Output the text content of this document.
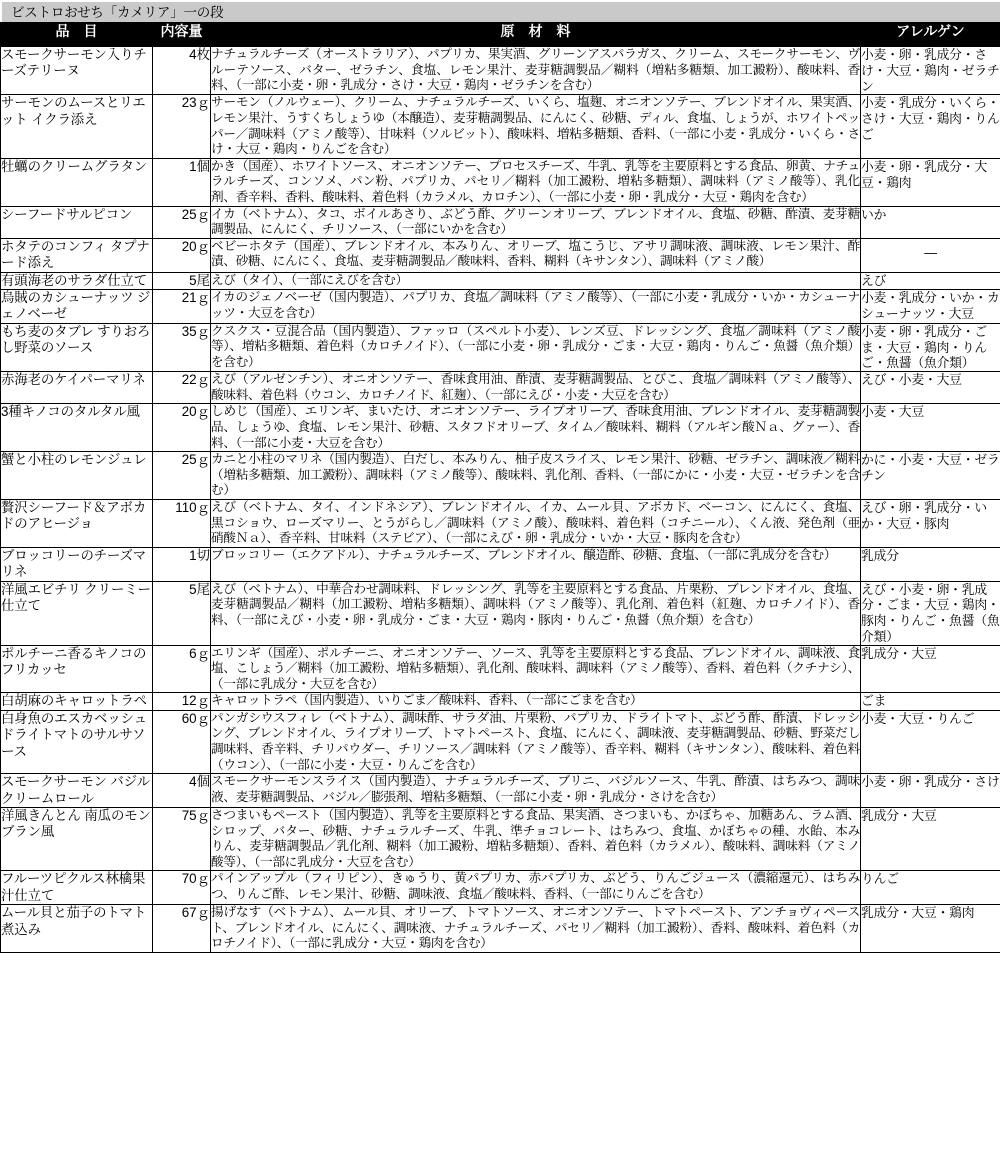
ビストロおせち「カメリア」一の段
品　目	内容量	原　材　料	アレルゲン
スモークサーモン入りチーズテリーヌ	4枚	ナチュラルチーズ（オーストラリア）、パプリカ、果実酒、グリーンアスパラガス、クリーム、スモークサーモン、ヴルーテソース、バター、ゼラチン、食塩、レモン果汁、麦芽糖調製品／糊料（増粘多糖類、加工澱粉）、酸味料、香料、（一部に小麦・卵・乳成分・さけ・大豆・鶏肉・ゼラチンを含む）	小麦・卵・乳成分・さけ・大豆・鶏肉・ゼラチン
サーモンのムースとリエット イクラ添え	23ｇ	サーモン（ノルウェー）、クリーム、ナチュラルチーズ、いくら、塩麹、オニオンソテー、ブレンドオイル、果実酒、レモン果汁、うすくちしょうゆ（本醸造）、麦芽糖調製品、にんにく、砂糖、ディル、食塩、しょうが、ホワイトペッパー／調味料（アミノ酸等）、甘味料（ソルビット）、酸味料、増粘多糖類、香料、（一部に小麦・乳成分・いくら・さけ・大豆・鶏肉・りんごを含む）	小麦・乳成分・いくら・さけ・大豆・鶏肉・りんご
牡蠣のクリームグラタン	1個	かき（国産）、ホワイトソース、オニオンソテー、プロセスチーズ、牛乳、乳等を主要原料とする食品、卵黄、ナチュラルチーズ、コンソメ、パン粉、パプリカ、パセリ／糊料（加工澱粉、増粘多糖類）、調味料（アミノ酸等）、乳化剤、香辛料、香料、酸味料、着色料（カラメル、カロチン）、（一部に小麦・卵・乳成分・大豆・鶏肉を含む）	小麦・卵・乳成分・大豆・鶏肉
シーフードサルピコン	25ｇ	イカ（ベトナム）、タコ、ボイルあさり、ぶどう酢、グリーンオリーブ、ブレンドオイル、食塩、砂糖、酢漬、麦芽糖調製品、にんにく、チリソース、（一部にいかを含む）	いか
ホタテのコンフィ タプナード添え	20ｇ	ベビーホタテ（国産）、ブレンドオイル、本みりん、オリーブ、塩こうじ、アサリ調味液、調味液、レモン果汁、酢漬、砂糖、にんにく、食塩、麦芽糖調製品／酸味料、香料、糊料（キサンタン）、調味料（アミノ酸）	―
有頭海老のサラダ仕立て	5尾	えび（タイ）、（一部にえびを含む）	えび
烏賊のカシューナッツ ジェノベーゼ	21ｇ	イカのジェノベーゼ（国内製造）、パプリカ、食塩／調味料（アミノ酸等）、（一部に小麦・乳成分・いか・カシューナッツ・大豆を含む）	小麦・乳成分・いか・カシューナッツ・大豆
もち麦のタブレ すりおろし野菜のソース	35ｇ	クスクス・豆混合品（国内製造）、ファッロ（スペルト小麦）、レンズ豆、ドレッシング、食塩／調味料（アミノ酸等）、増粘多糖類、着色料（カロチノイド）、（一部に小麦・卵・乳成分・ごま・大豆・鶏肉・りんご・魚醤（魚介類）を含む）	小麦・卵・乳成分・ごま・大豆・鶏肉・りんご・魚醤（魚介類）
赤海老のケイパーマリネ	22ｇ	えび（アルゼンチン）、オニオンソテー、香味食用油、酢漬、麦芽糖調製品、とびこ、食塩／調味料（アミノ酸等）、酸味料、着色料（ウコン、カロチノイド、紅麹）、（一部にえび・小麦・大豆を含む）	えび・小麦・大豆
3種キノコのタルタル風	20ｇ	しめじ（国産）、エリンギ、まいたけ、オニオンソテー、ライプオリーブ、香味食用油、ブレンドオイル、麦芽糖調製品、しょうゆ、食塩、レモン果汁、砂糖、スタフドオリーブ、タイム／酸味料、糊料（アルギン酸Ｎａ、グァー）、香料、（一部に小麦・大豆を含む）	小麦・大豆
蟹と小柱のレモンジュレ	25ｇ	カニと小柱のマリネ（国内製造）、白だし、本みりん、柚子皮スライス、レモン果汁、砂糖、ゼラチン、調味液／糊料（増粘多糖類、加工澱粉）、調味料（アミノ酸等）、酸味料、乳化剤、香料、（一部にかに・小麦・大豆・ゼラチンを含む）	かに・小麦・大豆・ゼラチン
贅沢シーフード＆アボカドのアヒージョ	110ｇ	えび（ベトナム、タイ、インドネシア）、ブレンドオイル、イカ、ムール貝、アボカド、ベーコン、にんにく、食塩、黒コショウ、ローズマリー、とうがらし／調味料（アミノ酸）、酸味料、着色料（コチニール）、くん液、発色剤（亜硝酸Ｎａ）、香辛料、甘味料（ステビア）、（一部にえび・卵・乳成分・いか・大豆・豚肉を含む）	えび・卵・乳成分・いか・大豆・豚肉
ブロッコリーのチーズマリネ	1切	ブロッコリー（エクアドル）、ナチュラルチーズ、ブレンドオイル、醸造酢、砂糖、食塩、（一部に乳成分を含む）	乳成分
洋風エビチリ クリーミー仕立て	5尾	えび（ベトナム）、中華合わせ調味料、ドレッシング、乳等を主要原料とする食品、片栗粉、ブレンドオイル、食塩、麦芽糖調製品／糊料（加工澱粉、増粘多糖類）、調味料（アミノ酸等）、乳化剤、着色料（紅麹、カロチノイド）、香料、（一部にえび・小麦・卵・乳成分・ごま・大豆・鶏肉・豚肉・りんご・魚醤（魚介類）を含む）	えび・小麦・卵・乳成分・ごま・大豆・鶏肉・豚肉・りんご・魚醤（魚介類）
ポルチーニ香るキノコのフリカッセ	6ｇ	エリンギ（国産）、ポルチーニ、オニオンソテー、ソース、乳等を主要原料とする食品、ブレンドオイル、調味液、食塩、こしょう／糊料（加工澱粉、増粘多糖類）、乳化剤、酸味料、調味料（アミノ酸等）、香料、着色料（クチナシ）、（一部に乳成分・大豆を含む）	乳成分・大豆
白胡麻のキャロットラペ	12ｇ	キャロットラペ（国内製造）、いりごま／酸味料、香料、（一部にごまを含む）	ごま
白身魚のエスカベッシュ ドライトマトのサルサソース	60ｇ	パンガシウスフィレ（ベトナム）、調味酢、サラダ油、片栗粉、パプリカ、ドライトマト、ぶどう酢、酢漬、ドレッシング、ブレンドオイル、ライプオリーブ、トマトペースト、食塩、にんにく、調味液、麦芽糖調製品、砂糖、野菜だし調味料、香辛料、チリパウダー、チリソース／調味料（アミノ酸等）、香辛料、糊料（キサンタン）、酸味料、着色料（ウコン）、（一部に小麦・大豆・りんごを含む）	小麦・大豆・りんご
スモークサーモン バジルクリームロール	4個	スモークサーモンスライス（国内製造）、ナチュラルチーズ、ブリニ、バジルソース、牛乳、酢漬、はちみつ、調味液、麦芽糖調製品、バジル／膨張剤、増粘多糖類、（一部に小麦・卵・乳成分・さけを含む）	小麦・卵・乳成分・さけ
洋風きんとん 南瓜のモンブラン風	75ｇ	さつまいもペースト（国内製造）、乳等を主要原料とする食品、果実酒、さつまいも、かぼちゃ、加糖あん、ラム酒、シロップ、バター、砂糖、ナチュラルチーズ、牛乳、準チョコレート、はちみつ、食塩、かぼちゃの種、水飴、本みりん、麦芽糖調製品／乳化剤、糊料（加工澱粉、増粘多糖類）、香料、着色料（カラメル）、酸味料、調味料（アミノ酸等）、（一部に乳成分・大豆を含む）	乳成分・大豆
フルーツピクルス林檎果汁仕立て	70ｇ	パインアップル（フィリピン）、きゅうり、黄パプリカ、赤パプリカ、ぶどう、りんごジュース（濃縮還元）、はちみつ、りんご酢、レモン果汁、砂糖、調味液、食塩／酸味料、香料、（一部にりんごを含む）	りんご
ムール貝と茄子のトマト煮込み	67ｇ	揚げなす（ベトナム）、ムール貝、オリーブ、トマトソース、オニオンソテー、トマトペースト、アンチョヴィペースト、ブレンドオイル、にんにく、調味液、ナチュラルチーズ、パセリ／糊料（加工澱粉）、香料、酸味料、着色料（カロチノイド）、（一部に乳成分・大豆・鶏肉を含む）	乳成分・大豆・鶏肉
